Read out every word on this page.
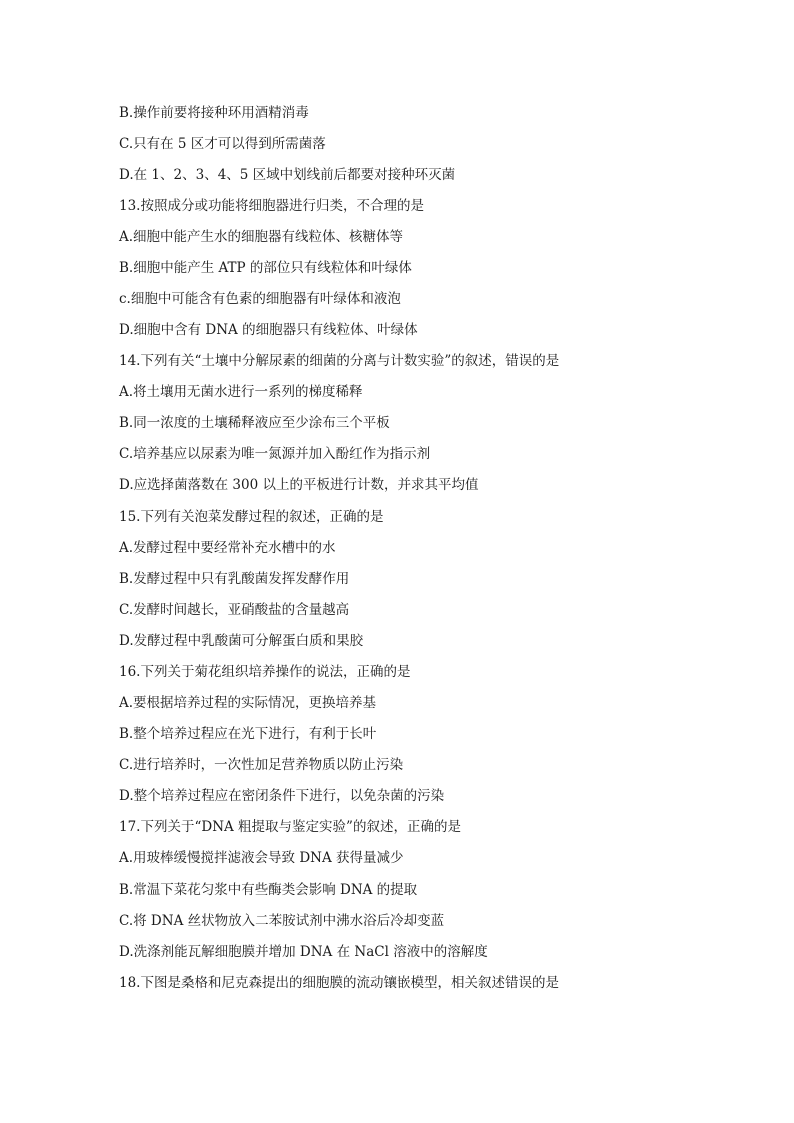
B.操作前要将接种环用酒精消毒
C.只有在 5 区才可以得到所需菌落
D.在 1、2、3、4、5 区域中划线前后都要对接种环灭菌
13.按照成分或功能将细胞器进行归类，不合理的是
A.细胞中能产生水的细胞器有线粒体、核糖体等
B.细胞中能产生 ATP 的部位只有线粒体和叶绿体
c.细胞中可能含有色素的细胞器有叶绿体和液泡
D.细胞中含有 DNA 的细胞器只有线粒体、叶绿体
14.下列有关“土壤中分解尿素的细菌的分离与计数实验”的叙述，错误的是
A.将土壤用无菌水进行一系列的梯度稀释
B.同一浓度的土壤稀释液应至少涂布三个平板
C.培养基应以尿素为唯一氮源并加入酚红作为指示剂
D.应选择菌落数在 300 以上的平板进行计数，并求其平均值
15.下列有关泡菜发酵过程的叙述，正确的是
A.发酵过程中要经常补充水槽中的水
B.发酵过程中只有乳酸菌发挥发酵作用
C.发酵时间越长，亚硝酸盐的含量越高
D.发酵过程中乳酸菌可分解蛋白质和果胶
16.下列关于菊花组织培养操作的说法，正确的是
A.要根据培养过程的实际情况，更换培养基
B.整个培养过程应在光下进行，有利于长叶
C.进行培养时，一次性加足营养物质以防止污染
D.整个培养过程应在密闭条件下进行，以免杂菌的污染
17.下列关于“DNA 粗提取与鉴定实验”的叙述，正确的是
A.用玻棒缓慢搅拌滤液会导致 DNA 获得量减少
B.常温下菜花匀浆中有些酶类会影响 DNA 的提取
C.将 DNA 丝状物放入二苯胺试剂中沸水浴后冷却变蓝
D.洗涤剂能瓦解细胞膜并增加 DNA 在 NaCl 溶液中的溶解度
18.下图是桑格和尼克森提出的细胞膜的流动镶嵌模型，相关叙述错误的是
